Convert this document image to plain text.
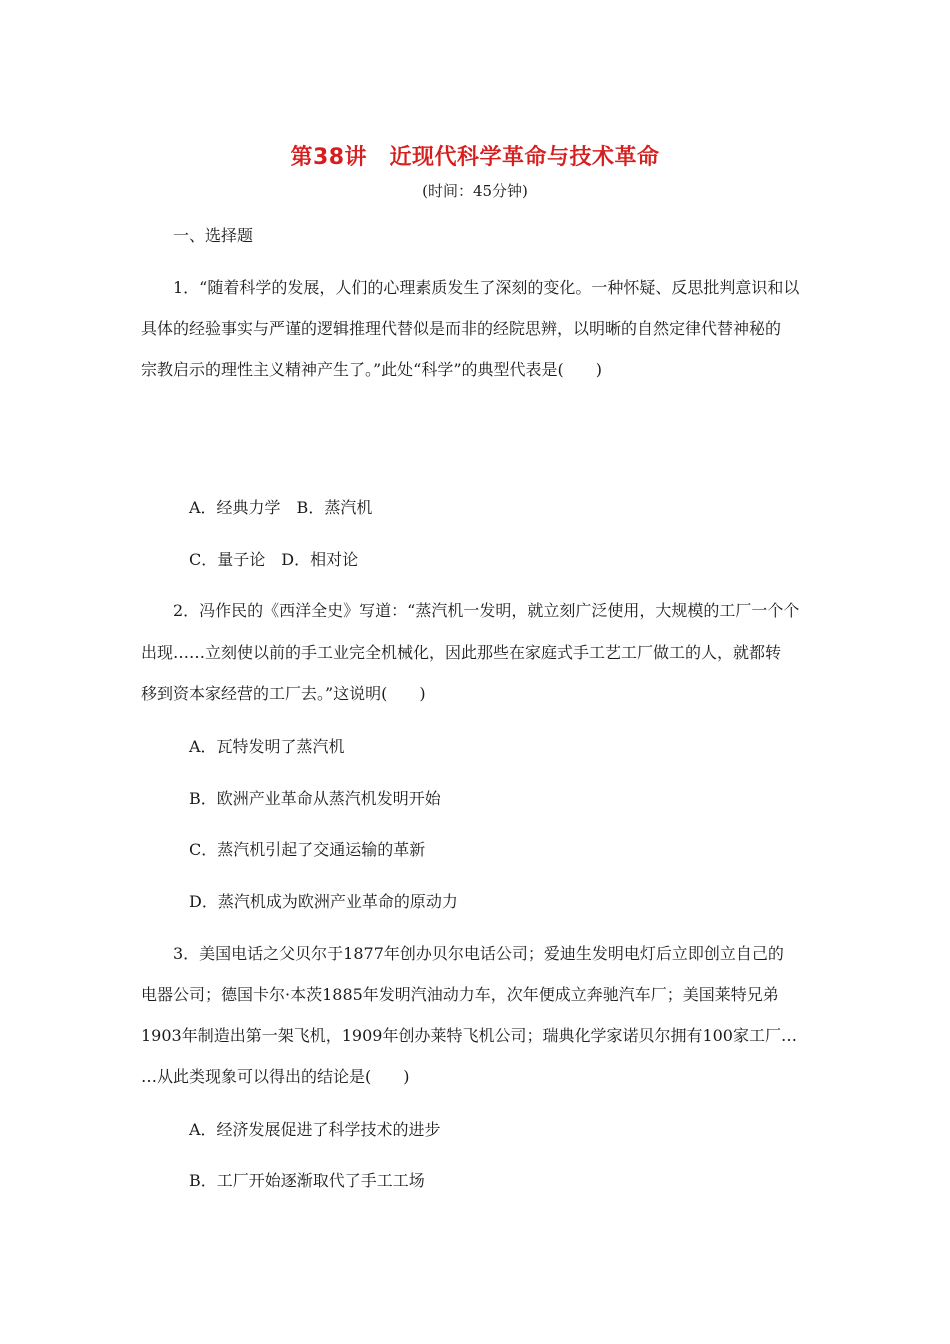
第38讲　近现代科学革命与技术革命
(时间：45分钟)
一、选择题
1．“随着科学的发展，人们的心理素质发生了深刻的变化。一种怀疑、反思批判意识和以
具体的经验事实与严谨的逻辑推理代替似是而非的经院思辨，以明晰的自然定律代替神秘的
宗教启示的理性主义精神产生了。”此处“科学”的典型代表是(　　)
A．经典力学　B．蒸汽机
C．量子论　D．相对论
2．冯作民的《西洋全史》写道：“蒸汽机一发明，就立刻广泛使用，大规模的工厂一个个
出现……立刻使以前的手工业完全机械化，因此那些在家庭式手工艺工厂做工的人，就都转
移到资本家经营的工厂去。”这说明(　　)
A．瓦特发明了蒸汽机
B．欧洲产业革命从蒸汽机发明开始
C．蒸汽机引起了交通运输的革新
D．蒸汽机成为欧洲产业革命的原动力
3．美国电话之父贝尔于1877年创办贝尔电话公司；爱迪生发明电灯后立即创立自己的
电器公司；德国卡尔·本茨1885年发明汽油动力车，次年便成立奔驰汽车厂；美国莱特兄弟
1903年制造出第一架飞机，1909年创办莱特飞机公司；瑞典化学家诺贝尔拥有100家工厂…
…从此类现象可以得出的结论是(　　)
A．经济发展促进了科学技术的进步
B．工厂开始逐渐取代了手工工场
